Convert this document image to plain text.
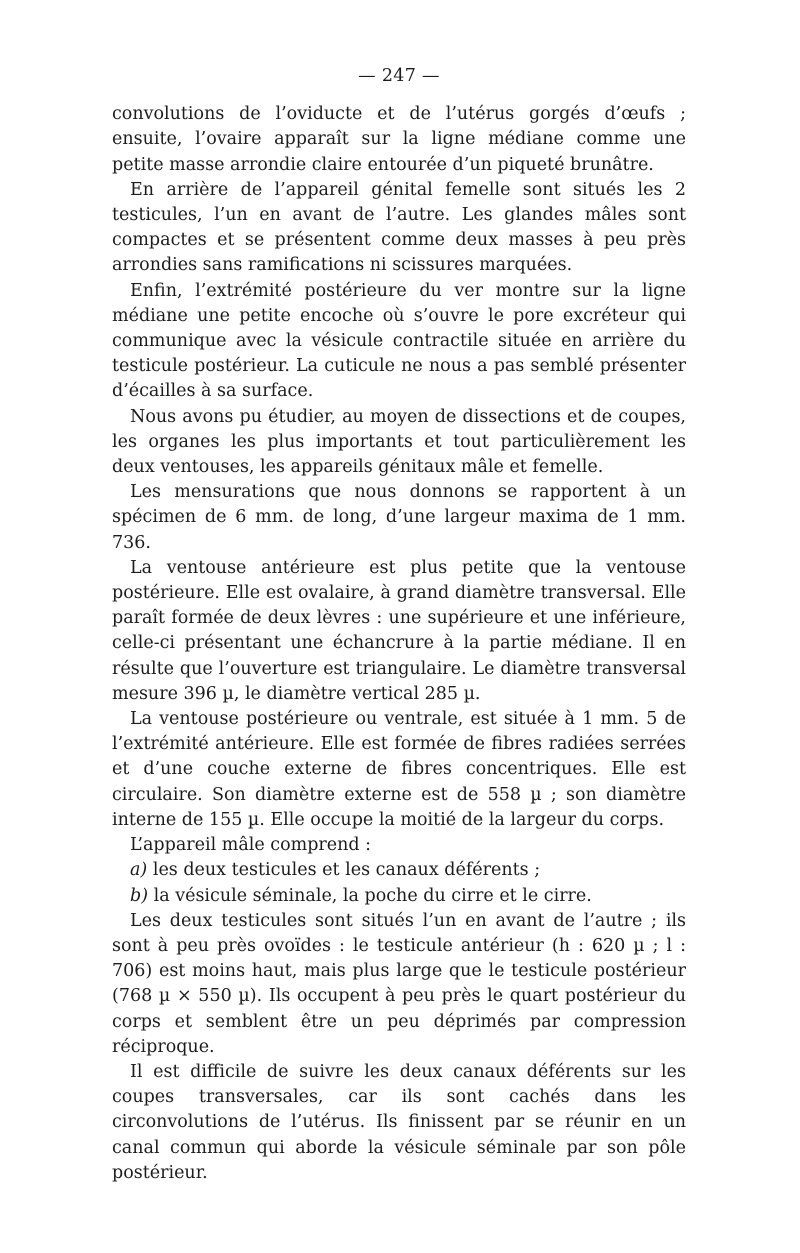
— 247 —

convolutions de l’oviducte et de l’utérus gorgés d’œufs ; ensuite, l’ovaire apparaît sur la ligne médiane comme une petite masse arrondie claire entourée d’un piqueté brunâtre.

En arrière de l’appareil génital femelle sont situés les 2 testicules, l’un en avant de l’autre. Les glandes mâles sont compactes et se présentent comme deux masses à peu près arrondies sans ramifications ni scissures marquées.

Enfin, l’extrémité postérieure du ver montre sur la ligne médiane une petite encoche où s’ouvre le pore excréteur qui communique avec la vésicule contractile située en arrière du testicule postérieur. La cuticule ne nous a pas semblé présenter d’écailles à sa surface.

Nous avons pu étudier, au moyen de dissections et de coupes, les organes les plus importants et tout particulièrement les deux ventouses, les appareils génitaux mâle et femelle.

Les mensurations que nous donnons se rapportent à un spécimen de 6 mm. de long, d’une largeur maxima de 1 mm. 736.

La ventouse antérieure est plus petite que la ventouse postérieure. Elle est ovalaire, à grand diamètre transversal. Elle paraît formée de deux lèvres : une supérieure et une inférieure, celle-ci présentant une échancrure à la partie médiane. Il en résulte que l’ouverture est triangulaire. Le diamètre transversal mesure 396 µ, le diamètre vertical 285 µ.

La ventouse postérieure ou ventrale, est située à 1 mm. 5 de l’extrémité antérieure. Elle est formée de fibres radiées serrées et d’une couche externe de fibres concentriques. Elle est circulaire. Son diamètre externe est de 558 µ ; son diamètre interne de 155 µ. Elle occupe la moitié de la largeur du corps.

L’appareil mâle comprend :

a) les deux testicules et les canaux déférents ;

b) la vésicule séminale, la poche du cirre et le cirre.

Les deux testicules sont situés l’un en avant de l’autre ; ils sont à peu près ovoïdes : le testicule antérieur (h : 620 µ ; l : 706) est moins haut, mais plus large que le testicule postérieur (768 µ × 550 µ). Ils occupent à peu près le quart postérieur du corps et semblent être un peu déprimés par compression réciproque.

Il est difficile de suivre les deux canaux déférents sur les coupes transversales, car ils sont cachés dans les circonvolutions de l’utérus. Ils finissent par se réunir en un canal commun qui aborde la vésicule séminale par son pôle postérieur.
